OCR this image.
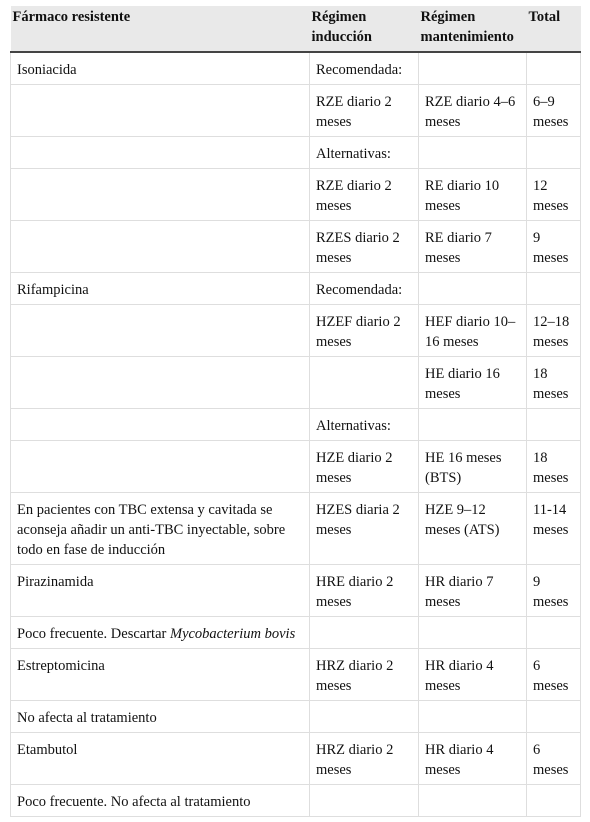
Fármaco resistente	Régimen inducción	Régimen mantenimiento	Total
Isoniacida	Recomendada:		
	RZE diario 2 meses	RZE diario 4–6 meses	6–9 meses
	Alternativas:		
	RZE diario 2 meses	RE diario 10 meses	12 meses
	RZES diario 2 meses	RE diario 7 meses	9 meses
Rifampicina	Recomendada:		
	HZEF diario 2 meses	HEF diario 10–16 meses	12–18 meses
		HE diario 16 meses	18 meses
	Alternativas:		
	HZE diario 2 meses	HE 16 meses (BTS)	18 meses
En pacientes con TBC extensa y cavitada se aconseja añadir un anti-TBC inyectable, sobre todo en fase de inducción	HZES diaria 2 meses	HZE 9–12 meses (ATS)	11-14 meses
Pirazinamida	HRE diario 2 meses	HR diario 7 meses	9 meses
Poco frecuente. Descartar Mycobacterium bovis			
Estreptomicina	HRZ diario 2 meses	HR diario 4 meses	6 meses
No afecta al tratamiento			
Etambutol	HRZ diario 2 meses	HR diario 4 meses	6 meses
Poco frecuente. No afecta al tratamiento			
